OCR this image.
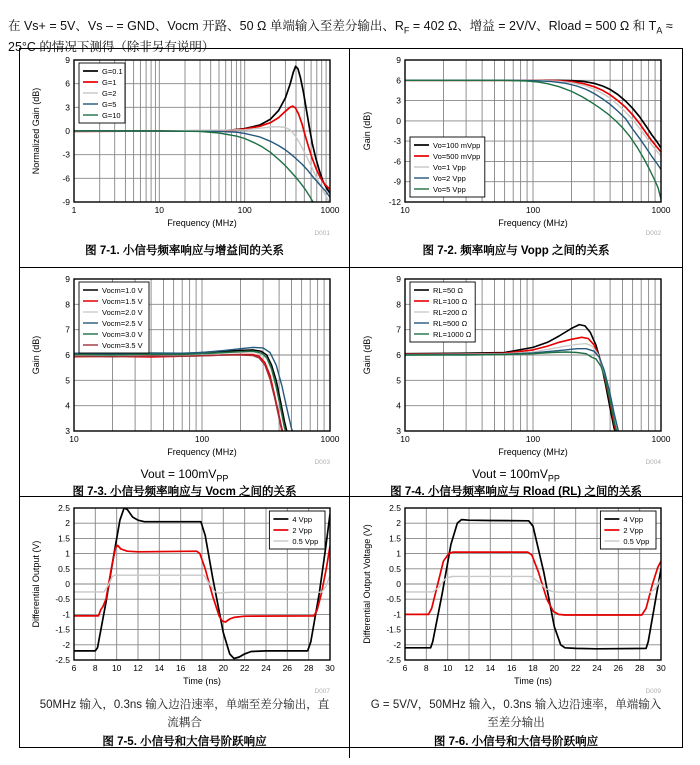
在 Vs+ = 5V、Vs – = GND、Vocm 开路、50 Ω 单端输入至差分输出、$R_F = 402$ Ω、增益 = 2V/V、Rload = 500 Ω 和 $T_A \approx 25^\circ C$ 的情况下测得（除非另有说明）

1	10	100	1000
-9
-6
-3
0
3
6
9
Frequency (MHz)
Normalized Gain (dB)
D001
G=0.1
G=1
G=2
G=5
G=10
图 7-1. 小信号频率响应与增益间的关系
10	100	1000
-12
-9
-6
-3
0
3
6
9
Frequency (MHz)
Gain (dB)
D002
Vo=100 mVpp
Vo=500 mVpp
Vo=1 Vpp
Vo=2 Vpp
Vo=5 Vpp
图 7-2. 频率响应与 Vopp 之间的关系
10	100	1000
3
4
5
6
7
8
9
Frequency (MHz)
Gain (dB)
D003
Vocm=1.0 V
Vocm=1.5 V
Vocm=2.0 V
Vocm=2.5 V
Vocm=3.0 V
Vocm=3.5 V
Vout = $100mV_{PP}$
图 7-3. 小信号频率响应与 Vocm 之间的关系
10	100	1000
3
4
5
6
7
8
9
Frequency (MHz)
Gain (dB)
D004
RL=50 Ω
RL=100 Ω
RL=200 Ω
RL=500 Ω
RL=1000 Ω
Vout = $100mV_{PP}$
图 7-4. 小信号频率响应与 Rload (RL) 之间的关系
6 8 10 12 14 16 18 20 22 24 26 28 30
-2.5
-2
-1.5
-1
-0.5
0
0.5
1
1.5
2
2.5
Time (ns)
Differential Output (V)
D007
4 Vpp
2 Vpp
0.5 Vpp
50MHz 输入，0.3ns 输入边沿速率，单端至差分输出，直流耦合
图 7-5. 小信号和大信号阶跃响应
6 8 10 12 14 16 18 20 22 24 26 28 30
-2.5
-2
-1.5
-1
-0.5
0
0.5
1
1.5
2
2.5
Time (ns)
Differential Output Voltage (V)
D009
4 Vpp
2 Vpp
0.5 Vpp
G = 5V/V，50MHz 输入，0.3ns 输入边沿速率，单端输入至差分输出
图 7-6. 小信号和大信号阶跃响应
